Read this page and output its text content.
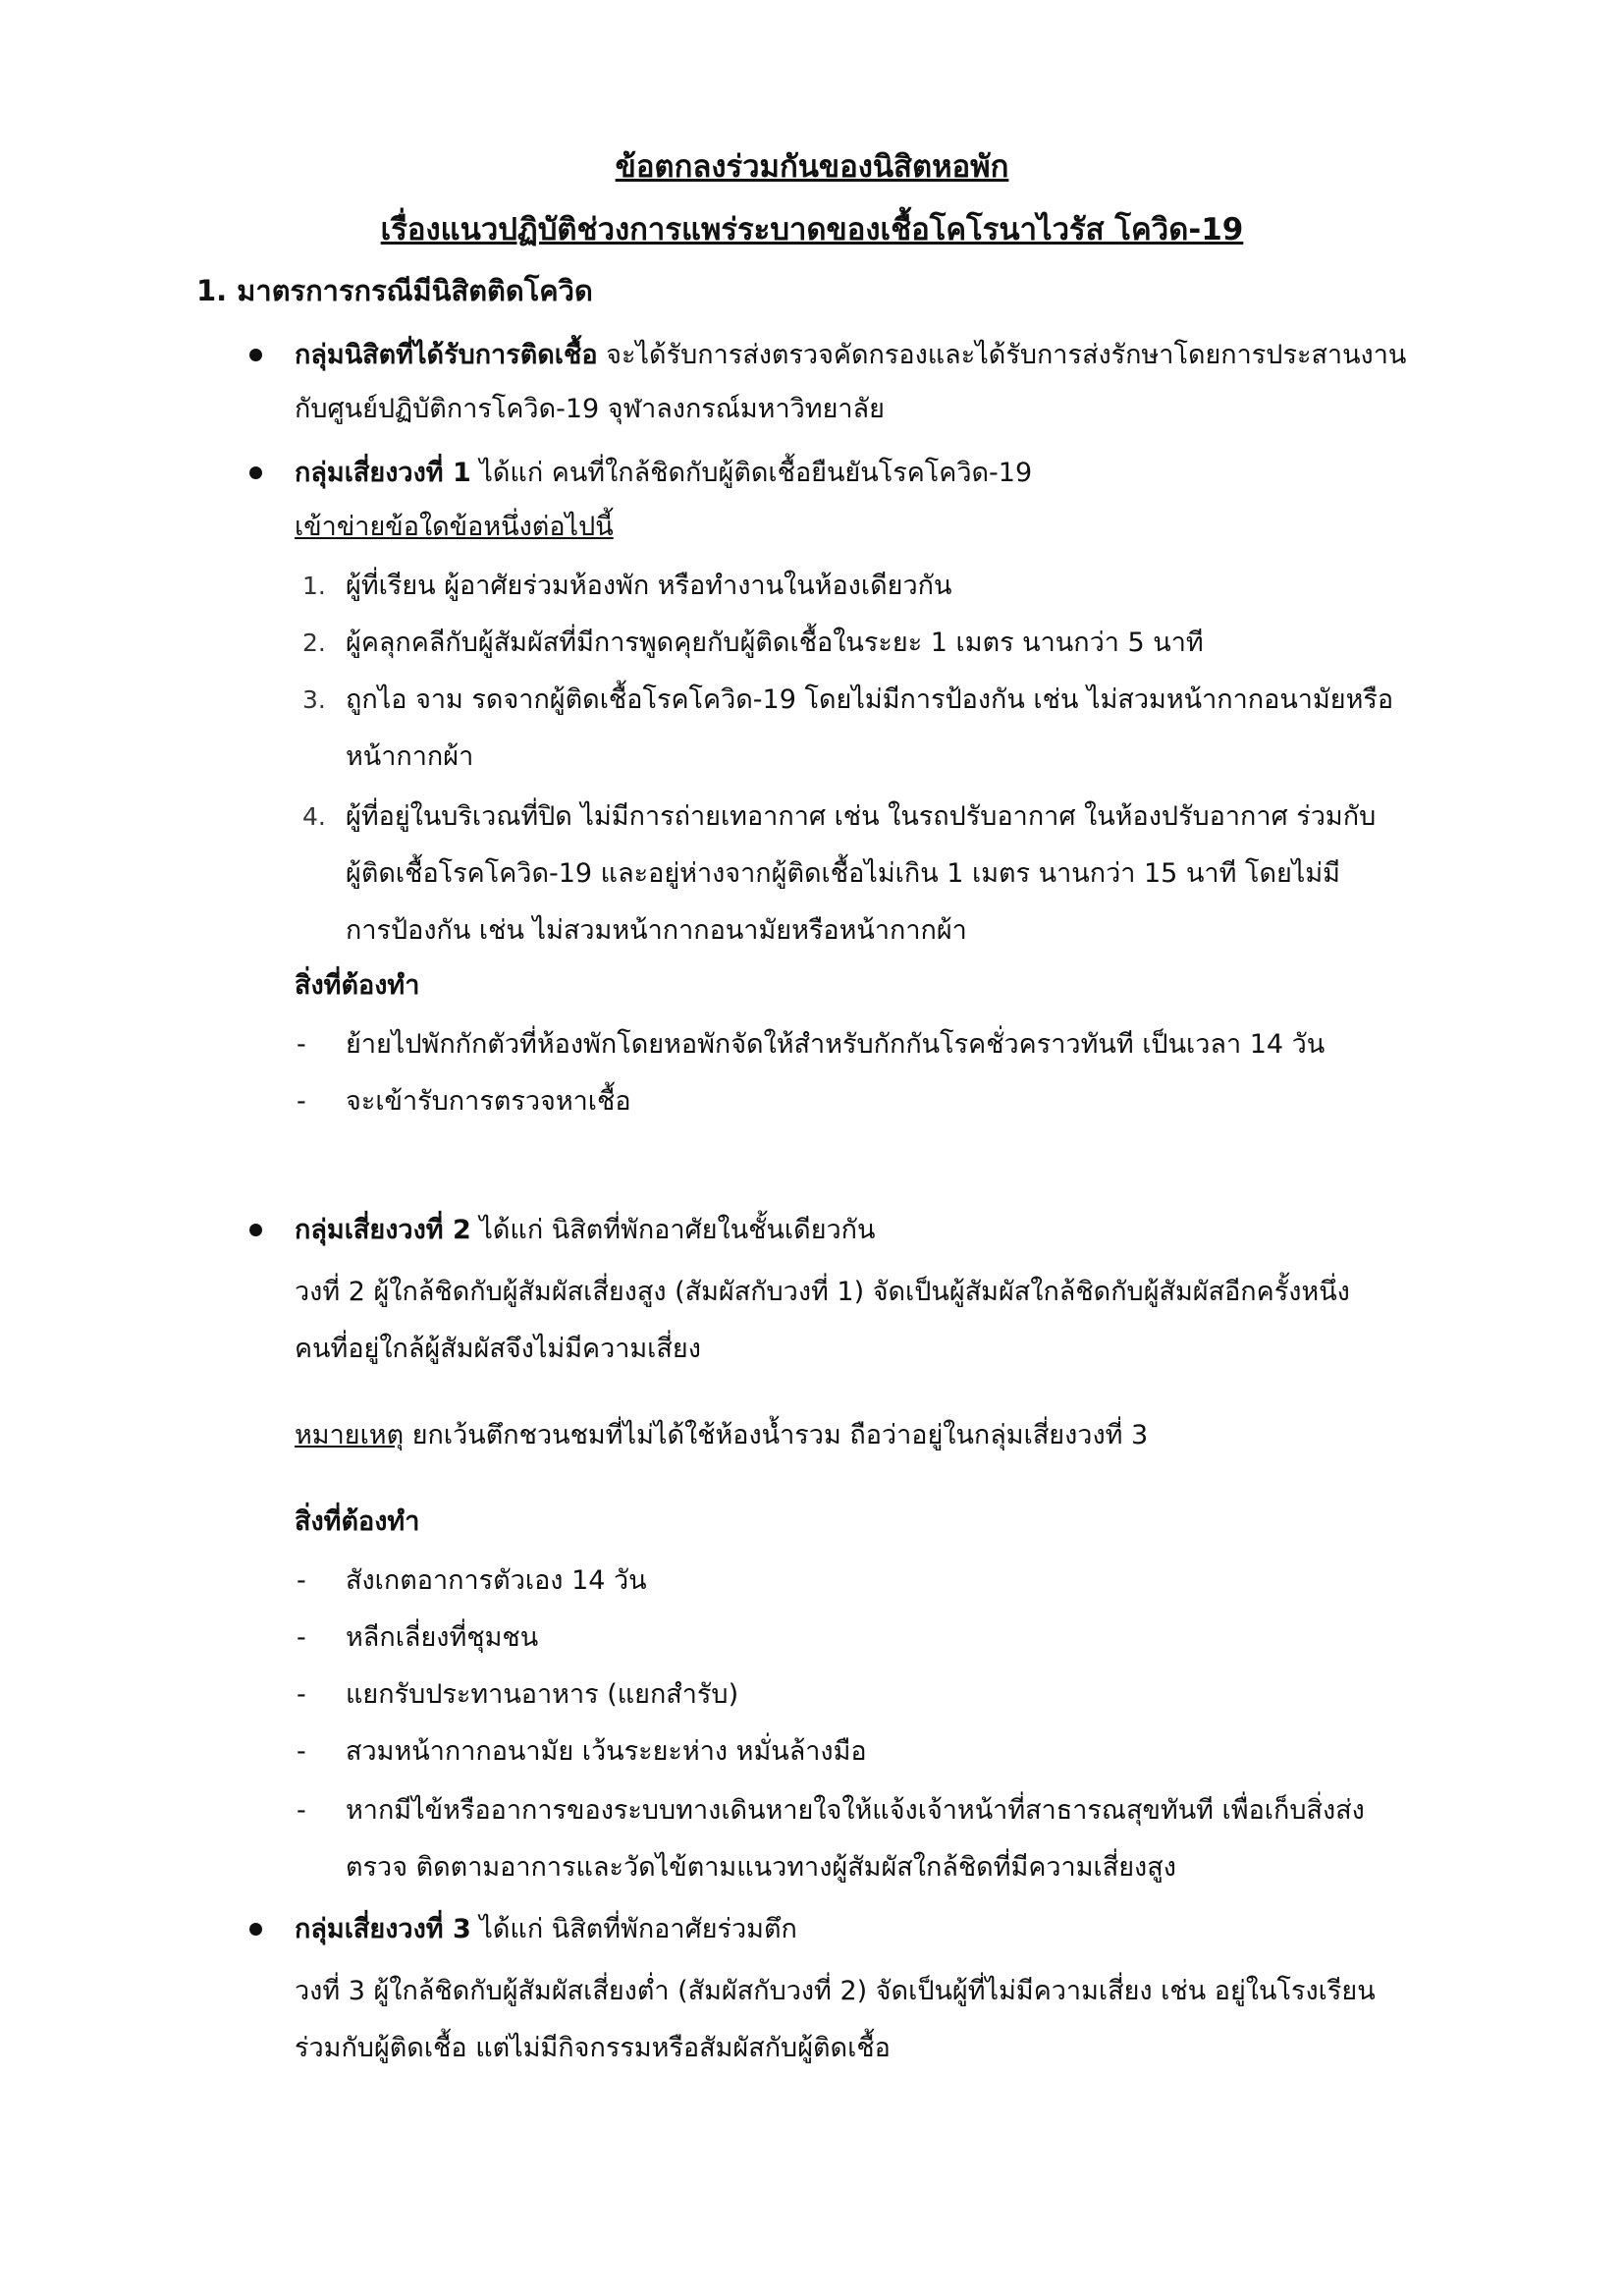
ข้อตกลงร่วมกันของนิสิตหอพัก
เรื่องแนวปฏิบัติช่วงการแพร่ระบาดของเชื้อโคโรนาไวรัส โควิด-19
1. มาตรการกรณีมีนิสิตติดโควิด
กลุ่มนิสิตที่ได้รับการติดเชื้อ จะได้รับการส่งตรวจคัดกรองและได้รับการส่งรักษาโดยการประสานงาน
กับศูนย์ปฏิบัติการโควิด-19 จุฬาลงกรณ์มหาวิทยาลัย
กลุ่มเสี่ยงวงที่ 1 ได้แก่ คนที่ใกล้ชิดกับผู้ติดเชื้อยืนยันโรคโควิด-19
เข้าข่ายข้อใดข้อหนึ่งต่อไปนี้
1. ผู้ที่เรียน ผู้อาศัยร่วมห้องพัก หรือทำงานในห้องเดียวกัน
2. ผู้คลุกคลีกับผู้สัมผัสที่มีการพูดคุยกับผู้ติดเชื้อในระยะ 1 เมตร นานกว่า 5 นาที
3. ถูกไอ จาม รดจากผู้ติดเชื้อโรคโควิด-19 โดยไม่มีการป้องกัน เช่น ไม่สวมหน้ากากอนามัยหรือ
หน้ากากผ้า
4. ผู้ที่อยู่ในบริเวณที่ปิด ไม่มีการถ่ายเทอากาศ เช่น ในรถปรับอากาศ ในห้องปรับอากาศ ร่วมกับ
ผู้ติดเชื้อโรคโควิด-19 และอยู่ห่างจากผู้ติดเชื้อไม่เกิน 1 เมตร นานกว่า 15 นาที โดยไม่มี
การป้องกัน เช่น ไม่สวมหน้ากากอนามัยหรือหน้ากากผ้า
สิ่งที่ต้องทำ
- ย้ายไปพักกักตัวที่ห้องพักโดยหอพักจัดให้สำหรับกักกันโรคชั่วคราวทันที เป็นเวลา 14 วัน
- จะเข้ารับการตรวจหาเชื้อ
กลุ่มเสี่ยงวงที่ 2 ได้แก่ นิสิตที่พักอาศัยในชั้นเดียวกัน
วงที่ 2 ผู้ใกล้ชิดกับผู้สัมผัสเสี่ยงสูง (สัมผัสกับวงที่ 1) จัดเป็นผู้สัมผัสใกล้ชิดกับผู้สัมผัสอีกครั้งหนึ่ง
คนที่อยู่ใกล้ผู้สัมผัสจึงไม่มีความเสี่ยง
หมายเหตุ ยกเว้นตึกชวนชมที่ไม่ได้ใช้ห้องน้ำรวม ถือว่าอยู่ในกลุ่มเสี่ยงวงที่ 3
สิ่งที่ต้องทำ
- สังเกตอาการตัวเอง 14 วัน
- หลีกเลี่ยงที่ชุมชน
- แยกรับประทานอาหาร (แยกสำรับ)
- สวมหน้ากากอนามัย เว้นระยะห่าง หมั่นล้างมือ
- หากมีไข้หรืออาการของระบบทางเดินหายใจให้แจ้งเจ้าหน้าที่สาธารณสุขทันที เพื่อเก็บสิ่งส่ง
ตรวจ ติดตามอาการและวัดไข้ตามแนวทางผู้สัมผัสใกล้ชิดที่มีความเสี่ยงสูง
กลุ่มเสี่ยงวงที่ 3 ได้แก่ นิสิตที่พักอาศัยร่วมตึก
วงที่ 3 ผู้ใกล้ชิดกับผู้สัมผัสเสี่ยงต่ำ (สัมผัสกับวงที่ 2) จัดเป็นผู้ที่ไม่มีความเสี่ยง เช่น อยู่ในโรงเรียน
ร่วมกับผู้ติดเชื้อ แต่ไม่มีกิจกรรมหรือสัมผัสกับผู้ติดเชื้อ
